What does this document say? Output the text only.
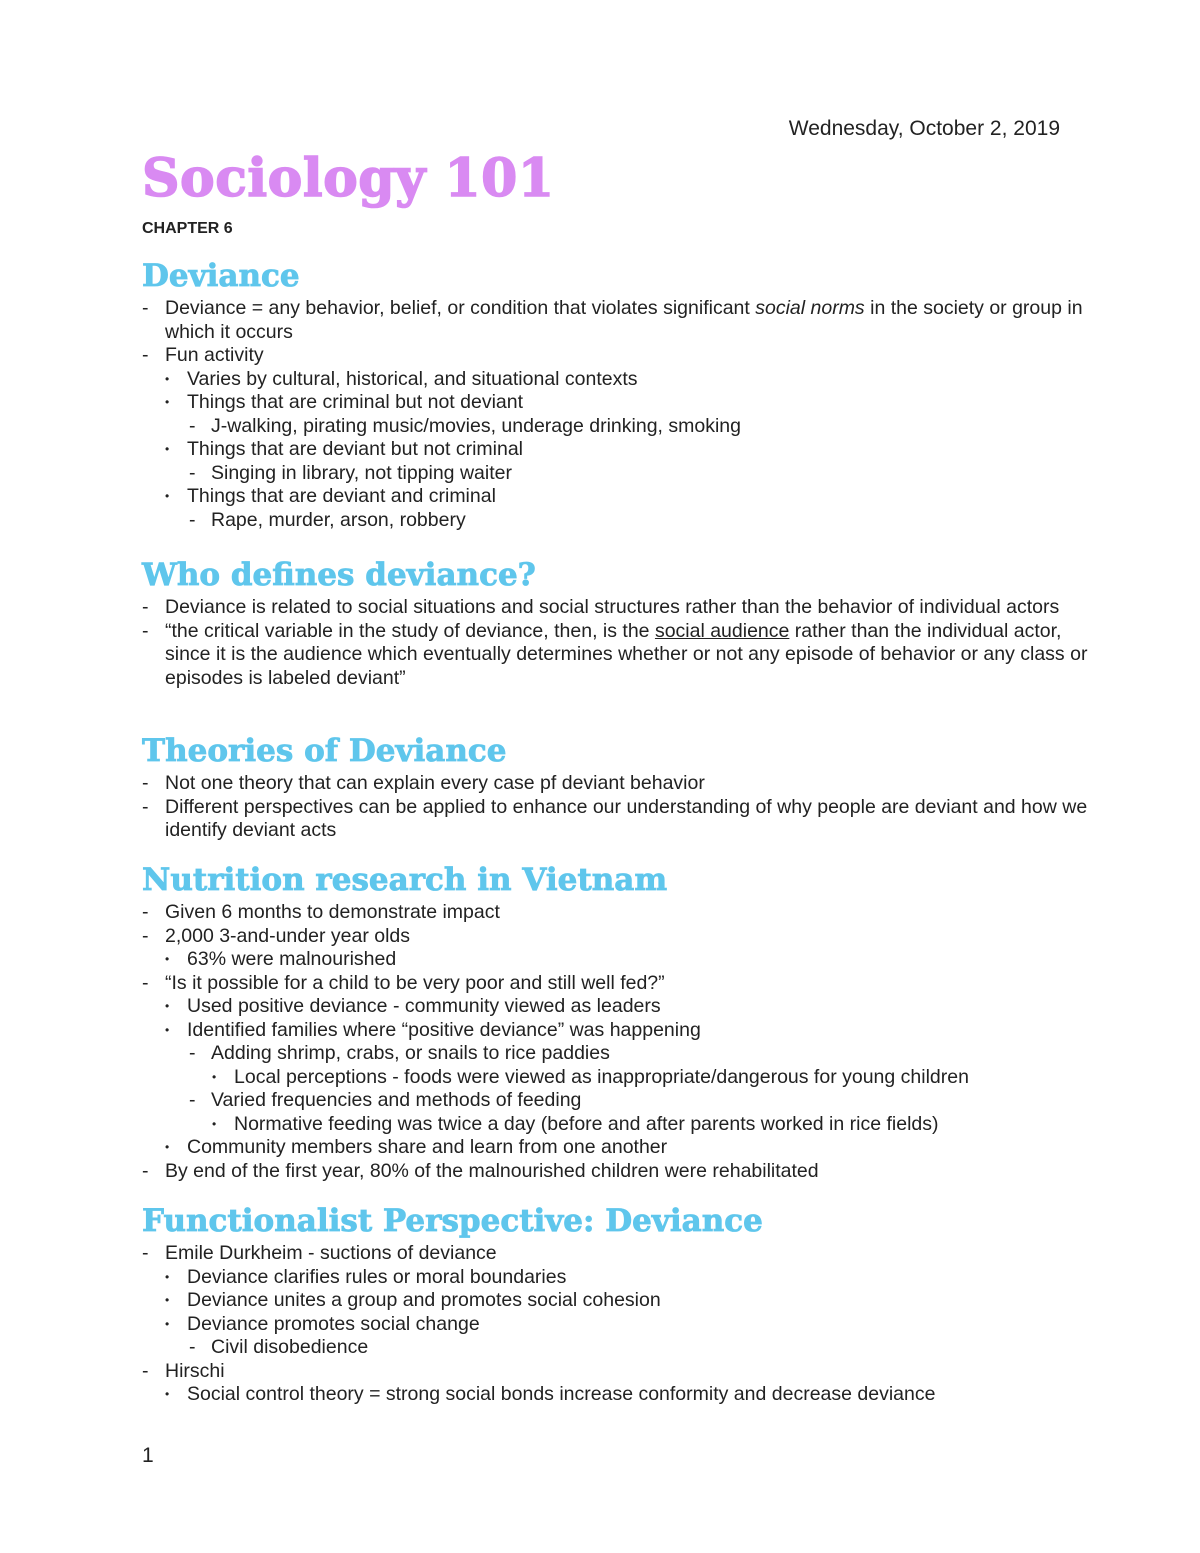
Wednesday, October 2, 2019
Sociology 101
CHAPTER 6
Deviance
- Deviance = any behavior, belief, or condition that violates significant social norms in the society or group in which it occurs
- Fun activity
• Varies by cultural, historical, and situational contexts
• Things that are criminal but not deviant
- J-walking, pirating music/movies, underage drinking, smoking
• Things that are deviant but not criminal
- Singing in library, not tipping waiter
• Things that are deviant and criminal
- Rape, murder, arson, robbery
Who defines deviance?
- Deviance is related to social situations and social structures rather than the behavior of individual actors
- “the critical variable in the study of deviance, then, is the social audience rather than the individual actor, since it is the audience which eventually determines whether or not any episode of behavior or any class or episodes is labeled deviant”
Theories of Deviance
- Not one theory that can explain every case pf deviant behavior
- Different perspectives can be applied to enhance our understanding of why people are deviant and how we identify deviant acts
Nutrition research in Vietnam
- Given 6 months to demonstrate impact
- 2,000 3-and-under year olds
• 63% were malnourished
- “Is it possible for a child to be very poor and still well fed?”
• Used positive deviance - community viewed as leaders
• Identified families where “positive deviance” was happening
- Adding shrimp, crabs, or snails to rice paddies
• Local perceptions - foods were viewed as inappropriate/dangerous for young children
- Varied frequencies and methods of feeding
• Normative feeding was twice a day (before and after parents worked in rice fields)
• Community members share and learn from one another
- By end of the first year, 80% of the malnourished children were rehabilitated
Functionalist Perspective: Deviance
- Emile Durkheim - suctions of deviance
• Deviance clarifies rules or moral boundaries
• Deviance unites a group and promotes social cohesion
• Deviance promotes social change
- Civil disobedience
- Hirschi
• Social control theory = strong social bonds increase conformity and decrease deviance
1
